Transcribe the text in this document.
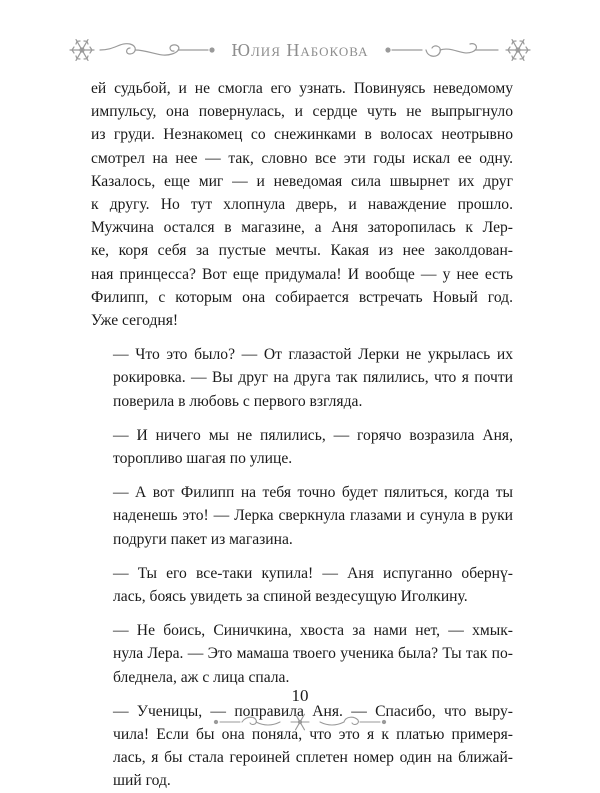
Юлия Набокова

ей судьбой, и не смогла его узнать. Повинуясь неведомому
импульсу, она повернулась, и сердце чуть не выпрыгнуло
из груди. Незнакомец со снежинками в волосах неотрывно
смотрел на нее — так, словно все эти годы искал ее одну.
Казалось, еще миг — и неведомая сила швырнет их друг
к другу. Но тут хлопнула дверь, и наваждение прошло.
Мужчина остался в магазине, а Аня заторопилась к Лер-
ке, коря себя за пустые мечты. Какая из нее заколдован-
ная принцесса? Вот еще придумала! И вообще — у нее есть
Филипп, с которым она собирается встречать Новый год.
Уже сегодня!

— Что это было? — От глазастой Лерки не укрылась их
рокировка. — Вы друг на друга так пялились, что я почти
поверила в любовь с первого взгляда.

— И ничего мы не пялились, — горячо возразила Аня,
торопливо шагая по улице.

— А вот Филипп на тебя точно будет пялиться, когда ты
наденешь это! — Лерка сверкнула глазами и сунула в руки
подруги пакет из магазина.

— Ты его все-таки купила! — Аня испуганно обернү-
лась, боясь увидеть за спиной вездесущую Иголкину.

— Не боись, Синичкина, хвоста за нами нет, — хмык-
нула Лера. — Это мамаша твоего ученика была? Ты так по-
бледнела, аж с лица спала.

— Ученицы, — поправила Аня. — Спасибо, что выру-
чила! Если бы она поняла, что это я к платью примеря-
лась, я бы стала героиней сплетен номер один на ближай-
ший год.

10
